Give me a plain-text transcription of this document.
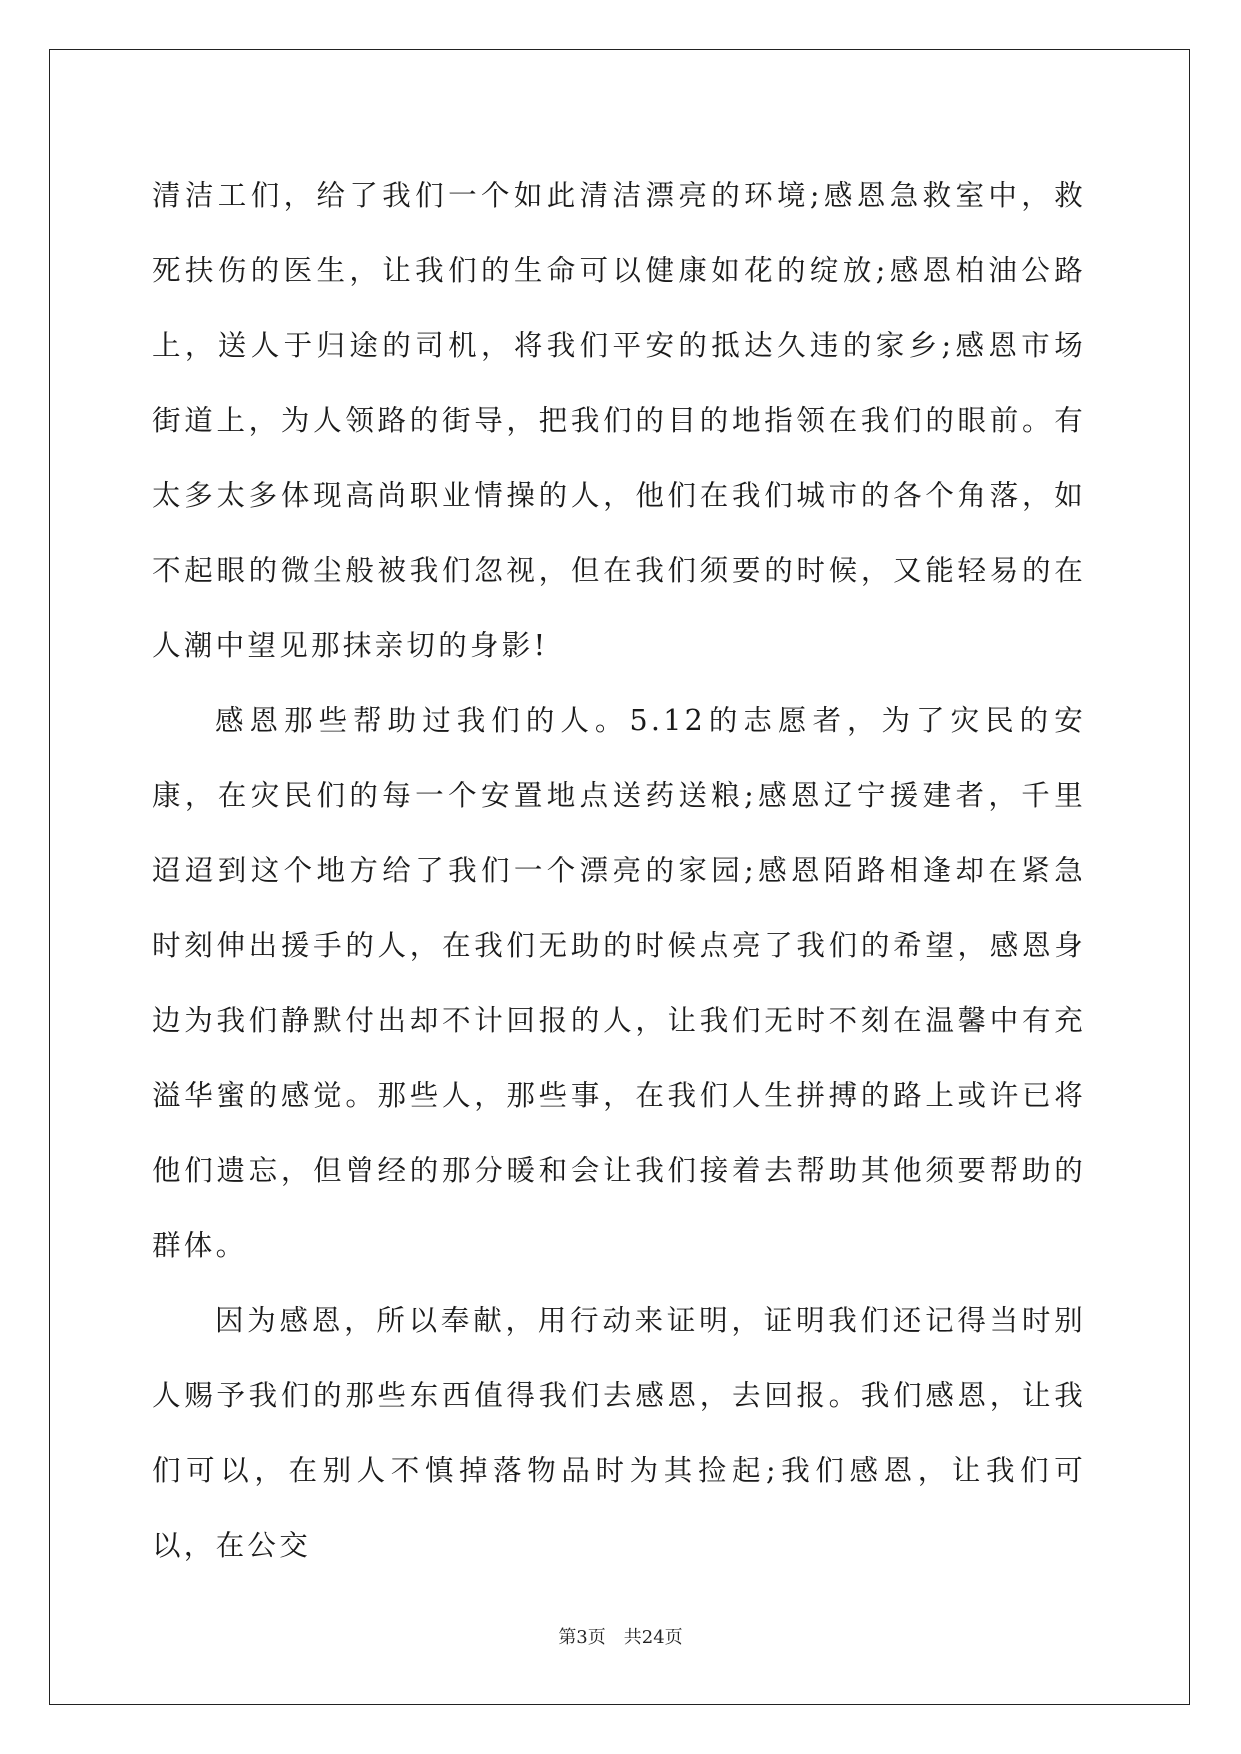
清洁工们，给了我们一个如此清洁漂亮的环境;感恩急救室中，救死扶伤的医生，让我们的生命可以健康如花的绽放;感恩柏油公路上，送人于归途的司机，将我们平安的抵达久违的家乡;感恩市场街道上，为人领路的街导，把我们的目的地指领在我们的眼前。有太多太多体现高尚职业情操的人，他们在我们城市的各个角落，如不起眼的微尘般被我们忽视，但在我们须要的时候，又能轻易的在人潮中望见那抹亲切的身影!

感恩那些帮助过我们的人。5.12的志愿者，为了灾民的安康，在灾民们的每一个安置地点送药送粮;感恩辽宁援建者，千里迢迢到这个地方给了我们一个漂亮的家园;感恩陌路相逢却在紧急时刻伸出援手的人，在我们无助的时候点亮了我们的希望，感恩身边为我们静默付出却不计回报的人，让我们无时不刻在温馨中有充溢华蜜的感觉。那些人，那些事，在我们人生拼搏的路上或许已将他们遗忘，但曾经的那分暖和会让我们接着去帮助其他须要帮助的群体。

因为感恩，所以奉献，用行动来证明，证明我们还记得当时别人赐予我们的那些东西值得我们去感恩，去回报。我们感恩，让我们可以，在别人不慎掉落物品时为其捡起;我们感恩，让我们可以，在公交

第3页 共24页
